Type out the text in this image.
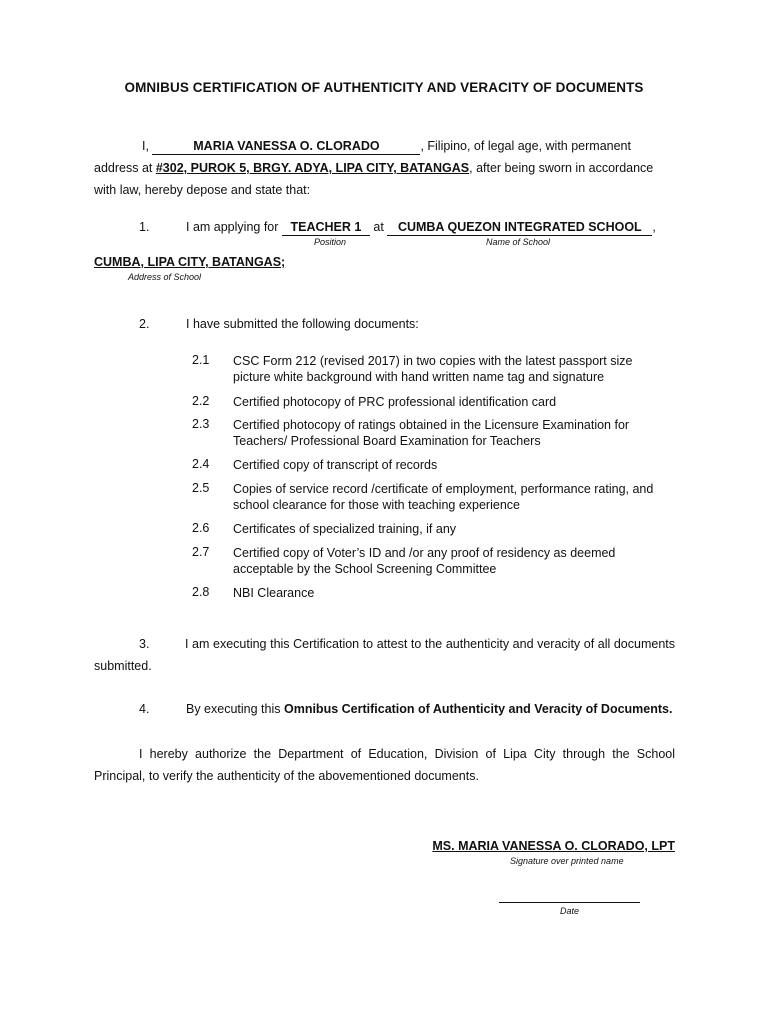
OMNIBUS CERTIFICATION OF AUTHENTICITY AND VERACITY OF DOCUMENTS
I,	MARIA VANESSA O. CLORADO	, Filipino, of legal age, with permanent
address at #302, PUROK 5, BRGY. ADYA, LIPA CITY, BATANGAS, after being sworn in accordance
with law, hereby depose and state that:
1.	I am applying for TEACHER 1 at CUMBA QUEZON INTEGRATED SCHOOL ,
Position	Name of School
CUMBA, LIPA CITY, BATANGAS;
Address of School
2.	I have submitted the following documents:
2.1	CSC Form 212 (revised 2017) in two copies with the latest passport size picture white background with hand written name tag and signature
2.2	Certified photocopy of PRC professional identification card
2.3	Certified photocopy of ratings obtained in the Licensure Examination for Teachers/ Professional Board Examination for Teachers
2.4	Certified copy of transcript of records
2.5	Copies of service record /certificate of employment, performance rating, and school clearance for those with teaching experience
2.6	Certificates of specialized training, if any
2.7	Certified copy of Voter’s ID and /or any proof of residency as deemed acceptable by the School Screening Committee
2.8	NBI Clearance
3.	I am executing this Certification to attest to the authenticity and veracity of all documents submitted.
4.	By executing this Omnibus Certification of Authenticity and Veracity of Documents.
I hereby authorize the Department of Education, Division of Lipa City through the School Principal, to verify the authenticity of the abovementioned documents.
MS. MARIA VANESSA O. CLORADO, LPT
Signature over printed name
Date
